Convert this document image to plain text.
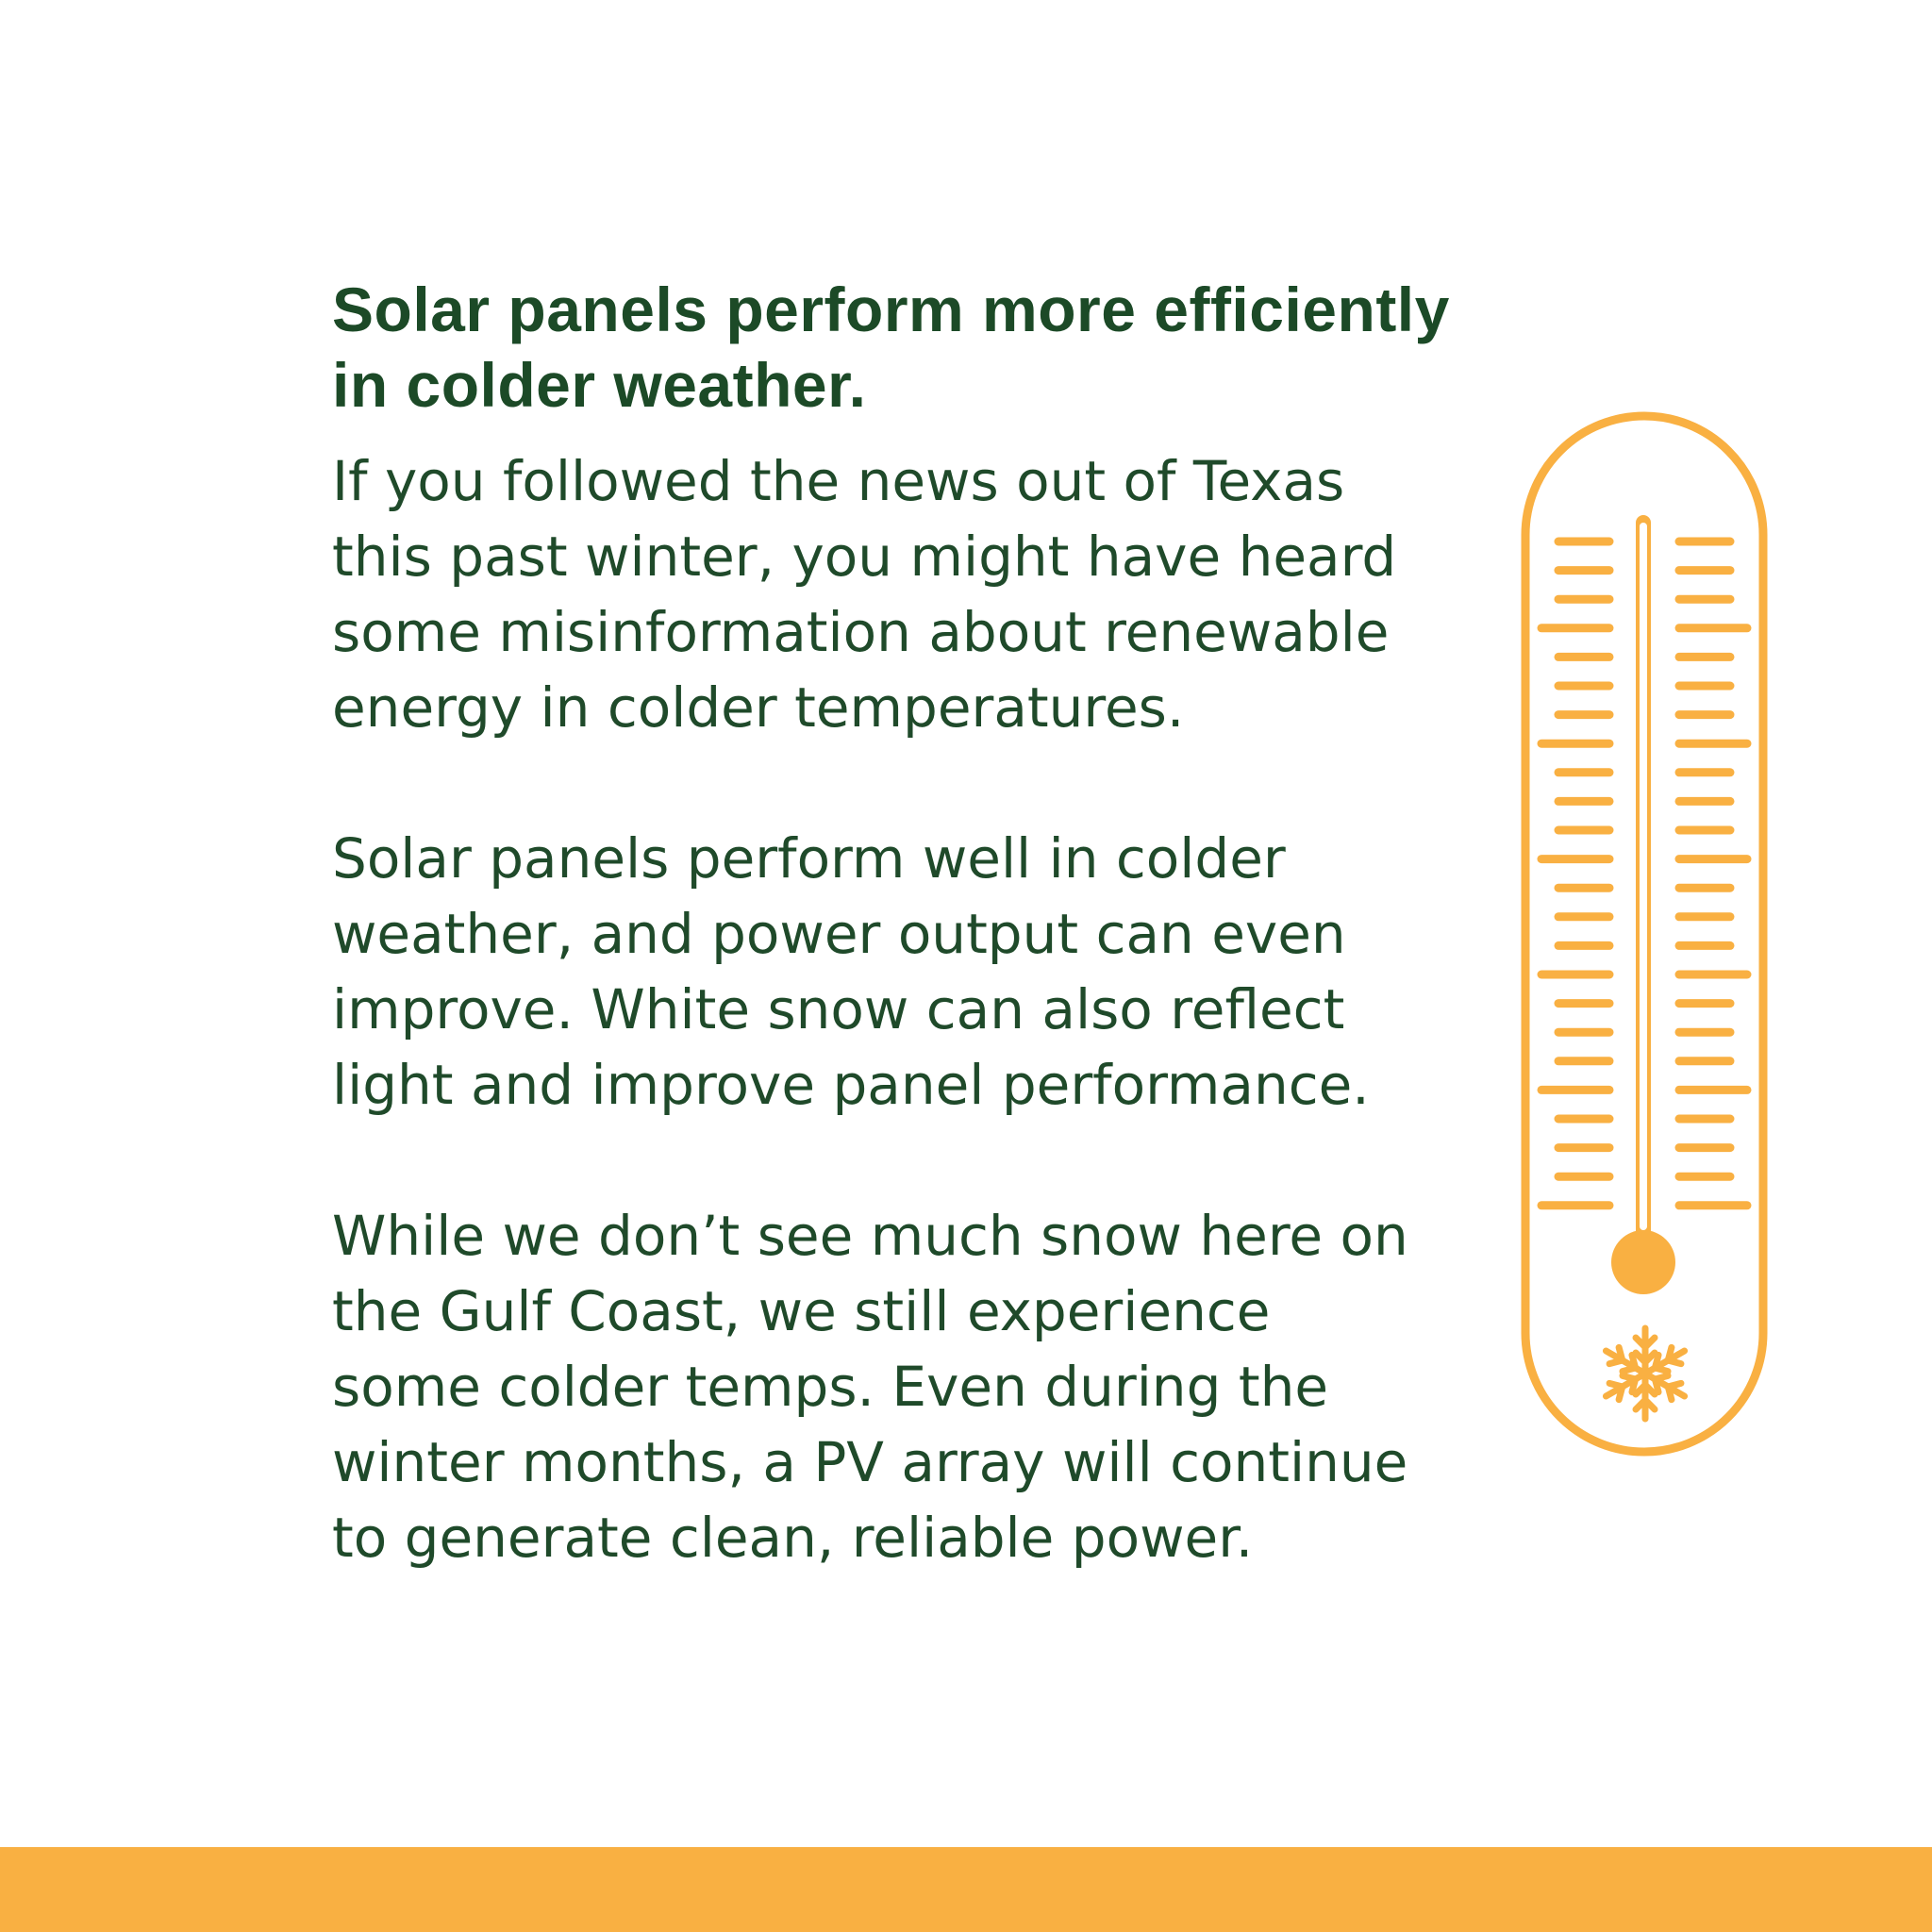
Solar panels perform more efficiently in colder weather.

If you followed the news out of Texas
this past winter, you might have heard
some misinformation about renewable
energy in colder temperatures.

Solar panels perform well in colder
weather, and power output can even
improve. White snow can also reflect
light and improve panel performance.

While we don’t see much snow here on
the Gulf Coast, we still experience
some colder temps. Even during the
winter months, a PV array will continue
to generate clean, reliable power.
